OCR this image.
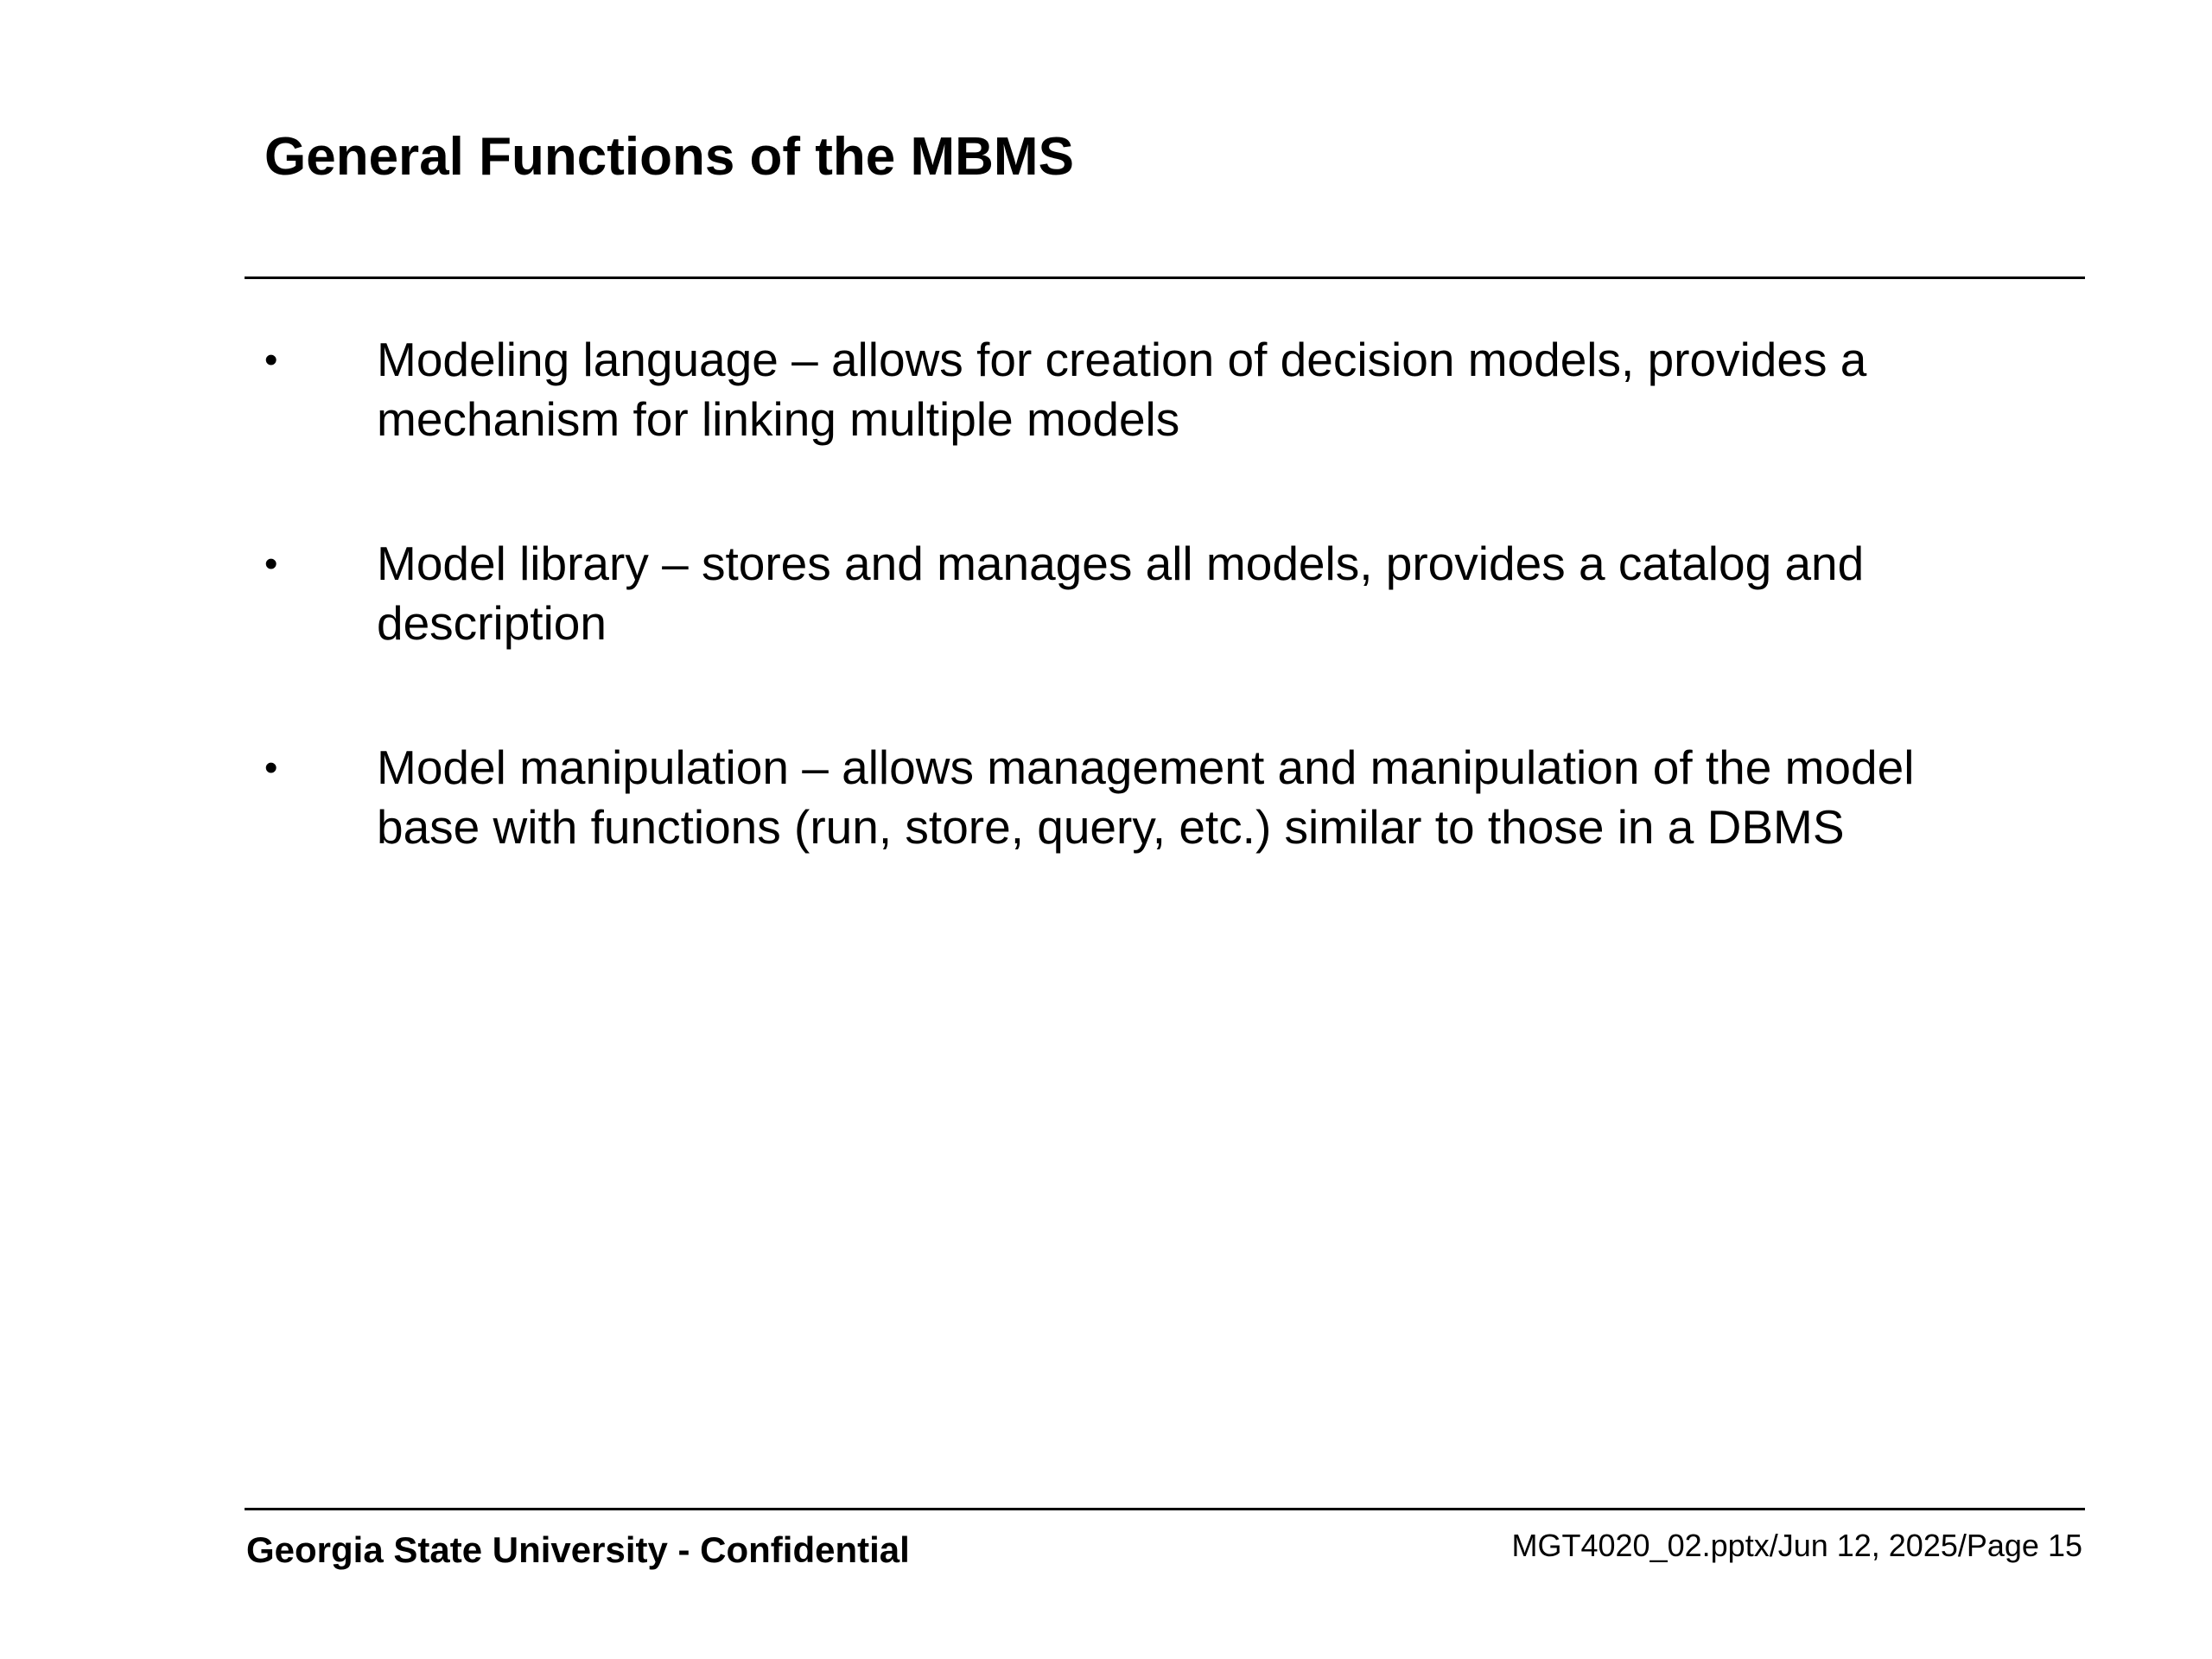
General Functions of the MBMS
• Modeling language – allows for creation of decision models, provides a mechanism for linking multiple models
• Model library – stores and manages all models, provides a catalog and description
• Model manipulation – allows management and manipulation of the model base with functions (run, store, query, etc.) similar to those in a DBMS
Georgia State University - Confidential	MGT4020_02.pptx/Jun 12, 2025/Page 15
